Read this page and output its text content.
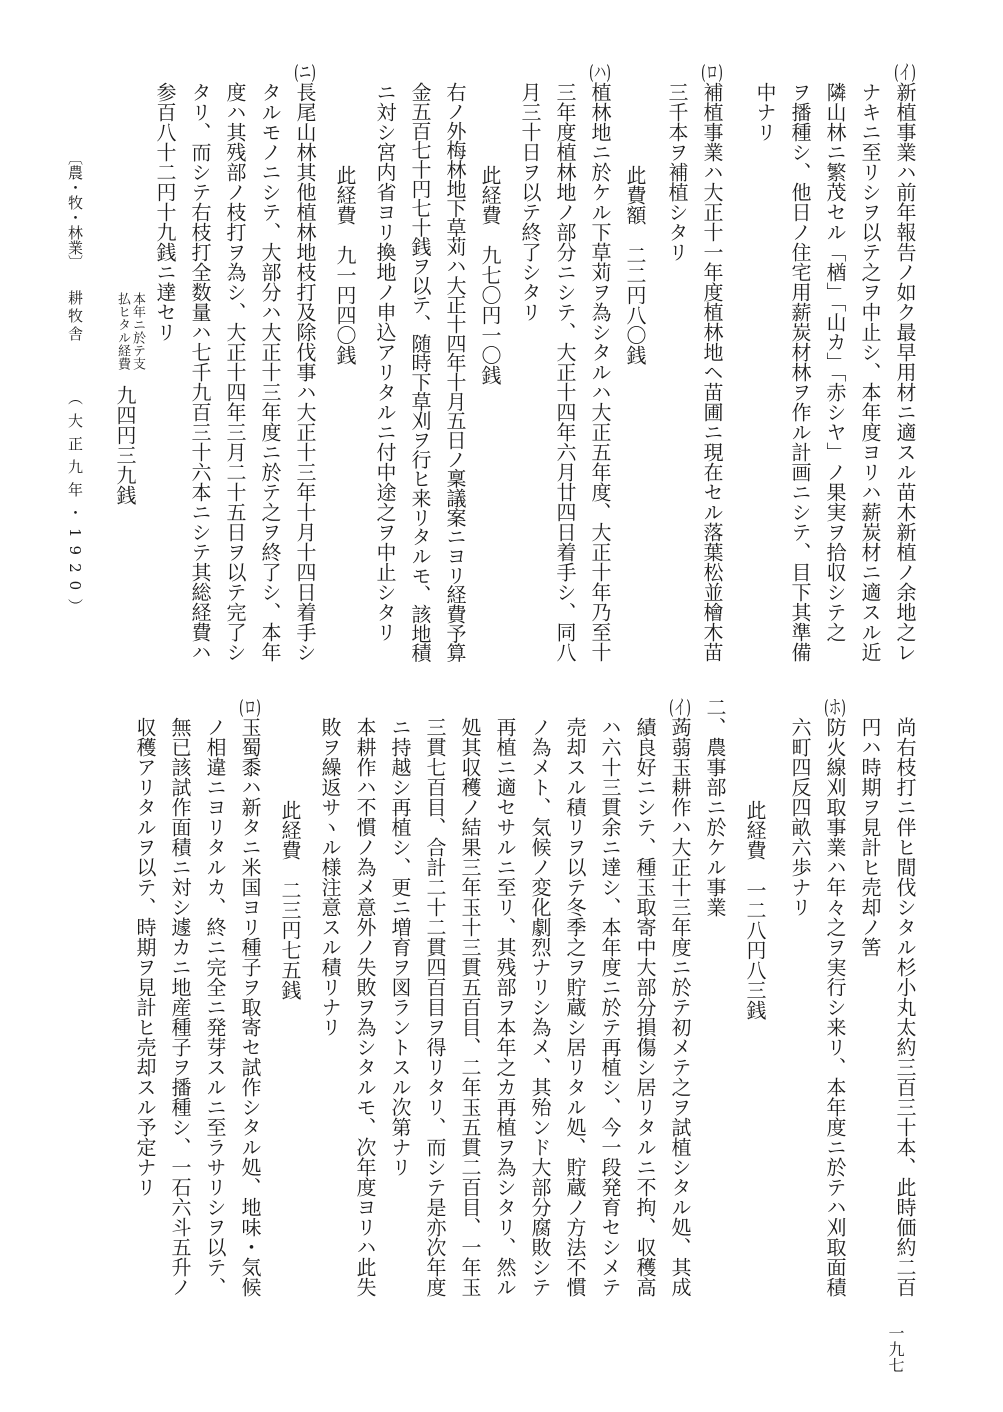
(イ)新植事業ハ前年報告ノ如ク最早用材ニ適スル苗木新植ノ余地之レ
ナキニ至リシヲ以テ之ヲ中止シ、本年度ヨリハ薪炭材ニ適スル近
隣山林ニ繁茂セル「楢」「山カ」「赤シヤ」ノ果実ヲ拾収シテ之
ヲ播種シ、他日ノ住宅用薪炭材林ヲ作ル計画ニシテ、目下其準備
中ナリ
(ロ)補植事業ハ大正十一年度植林地ヘ苗圃ニ現在セル落葉松並檜木苗
三千本ヲ補植シタリ
此費額
二二円八〇銭
(ハ)植林地ニ於ケル下草苅ヲ為シタルハ大正五年度、大正十年乃至十
三年度植林地ノ部分ニシテ、大正十四年六月廿四日着手シ、同八
月三十日ヲ以テ終了シタリ
此経費
九七〇円一〇銭
右ノ外梅林地下草苅ハ大正十四年十月五日ノ稟議案ニヨリ経費予算
金五百七十円七十銭ヲ以テ、随時下草刈ヲ行ヒ来リタルモ、該地積
ニ対シ宮内省ヨリ換地ノ申込アリタルニ付中途之ヲ中止シタリ
此経費
九一円四〇銭
(ニ)長尾山林其他植林地枝打及除伐事ハ大正十三年十月十四日着手シ
タルモノニシテ、大部分ハ大正十三年度ニ於テ之ヲ終了シ、本年
度ハ其残部ノ枝打ヲ為シ、大正十四年三月二十五日ヲ以テ完了シ
タリ、而シテ右枝打全数量ハ七千九百三十六本ニシテ其総経費ハ
参百八十二円十九銭ニ達セリ
本年ニ於テ支
払ヒタル経費
九四円三九銭
〔農・牧・林業〕
耕牧舎
（大正九年・1920）
尚右枝打ニ伴ヒ間伐シタル杉小丸太約三百三十本、此時価約二百
円ハ時期ヲ見計ヒ売却ノ筈
(ホ)防火線刈取事業ハ年々之ヲ実行シ来リ、本年度ニ於テハ刈取面積
六町四反四畝六歩ナリ
此経費
一二八円八三銭
二、農事部ニ於ケル事業
(イ)蒟蒻玉耕作ハ大正十三年度ニ於テ初メテ之ヲ試植シタル処、其成
績良好ニシテ、種玉取寄中大部分損傷シ居リタルニ不拘、収穫高
ハ六十三貫余ニ達シ、本年度ニ於テ再植シ、今一段発育セシメテ
売却スル積リヲ以テ冬季之ヲ貯蔵シ居リタル処、貯蔵ノ方法不慣
ノ為メト、気候ノ変化劇烈ナリシ為メ、其殆ンド大部分腐敗シテ
再植ニ適セサルニ至リ、其残部ヲ本年之カ再植ヲ為シタリ、然ル
処其収穫ノ結果三年玉十三貫五百目、二年玉五貫二百目、一年玉
三貫七百目、合計二十二貫四百目ヲ得リタリ、而シテ是亦次年度
ニ持越シ再植シ、更ニ増育ヲ図ラントスル次第ナリ
本耕作ハ不慣ノ為メ意外ノ失敗ヲ為シタルモ、次年度ヨリハ此失
敗ヲ繰返サヽル様注意スル積リナリ
此経費
二三円七五銭
(ロ)玉蜀黍ハ新タニ米国ヨリ種子ヲ取寄セ試作シタル処、地味・気候
ノ相違ニヨリタルカ、終ニ完全ニ発芽スルニ至ラサリシヲ以テ、
無已該試作面積ニ対シ遽カニ地産種子ヲ播種シ、一石六斗五升ノ
収穫アリタルヲ以テ、時期ヲ見計ヒ売却スル予定ナリ
一九七
